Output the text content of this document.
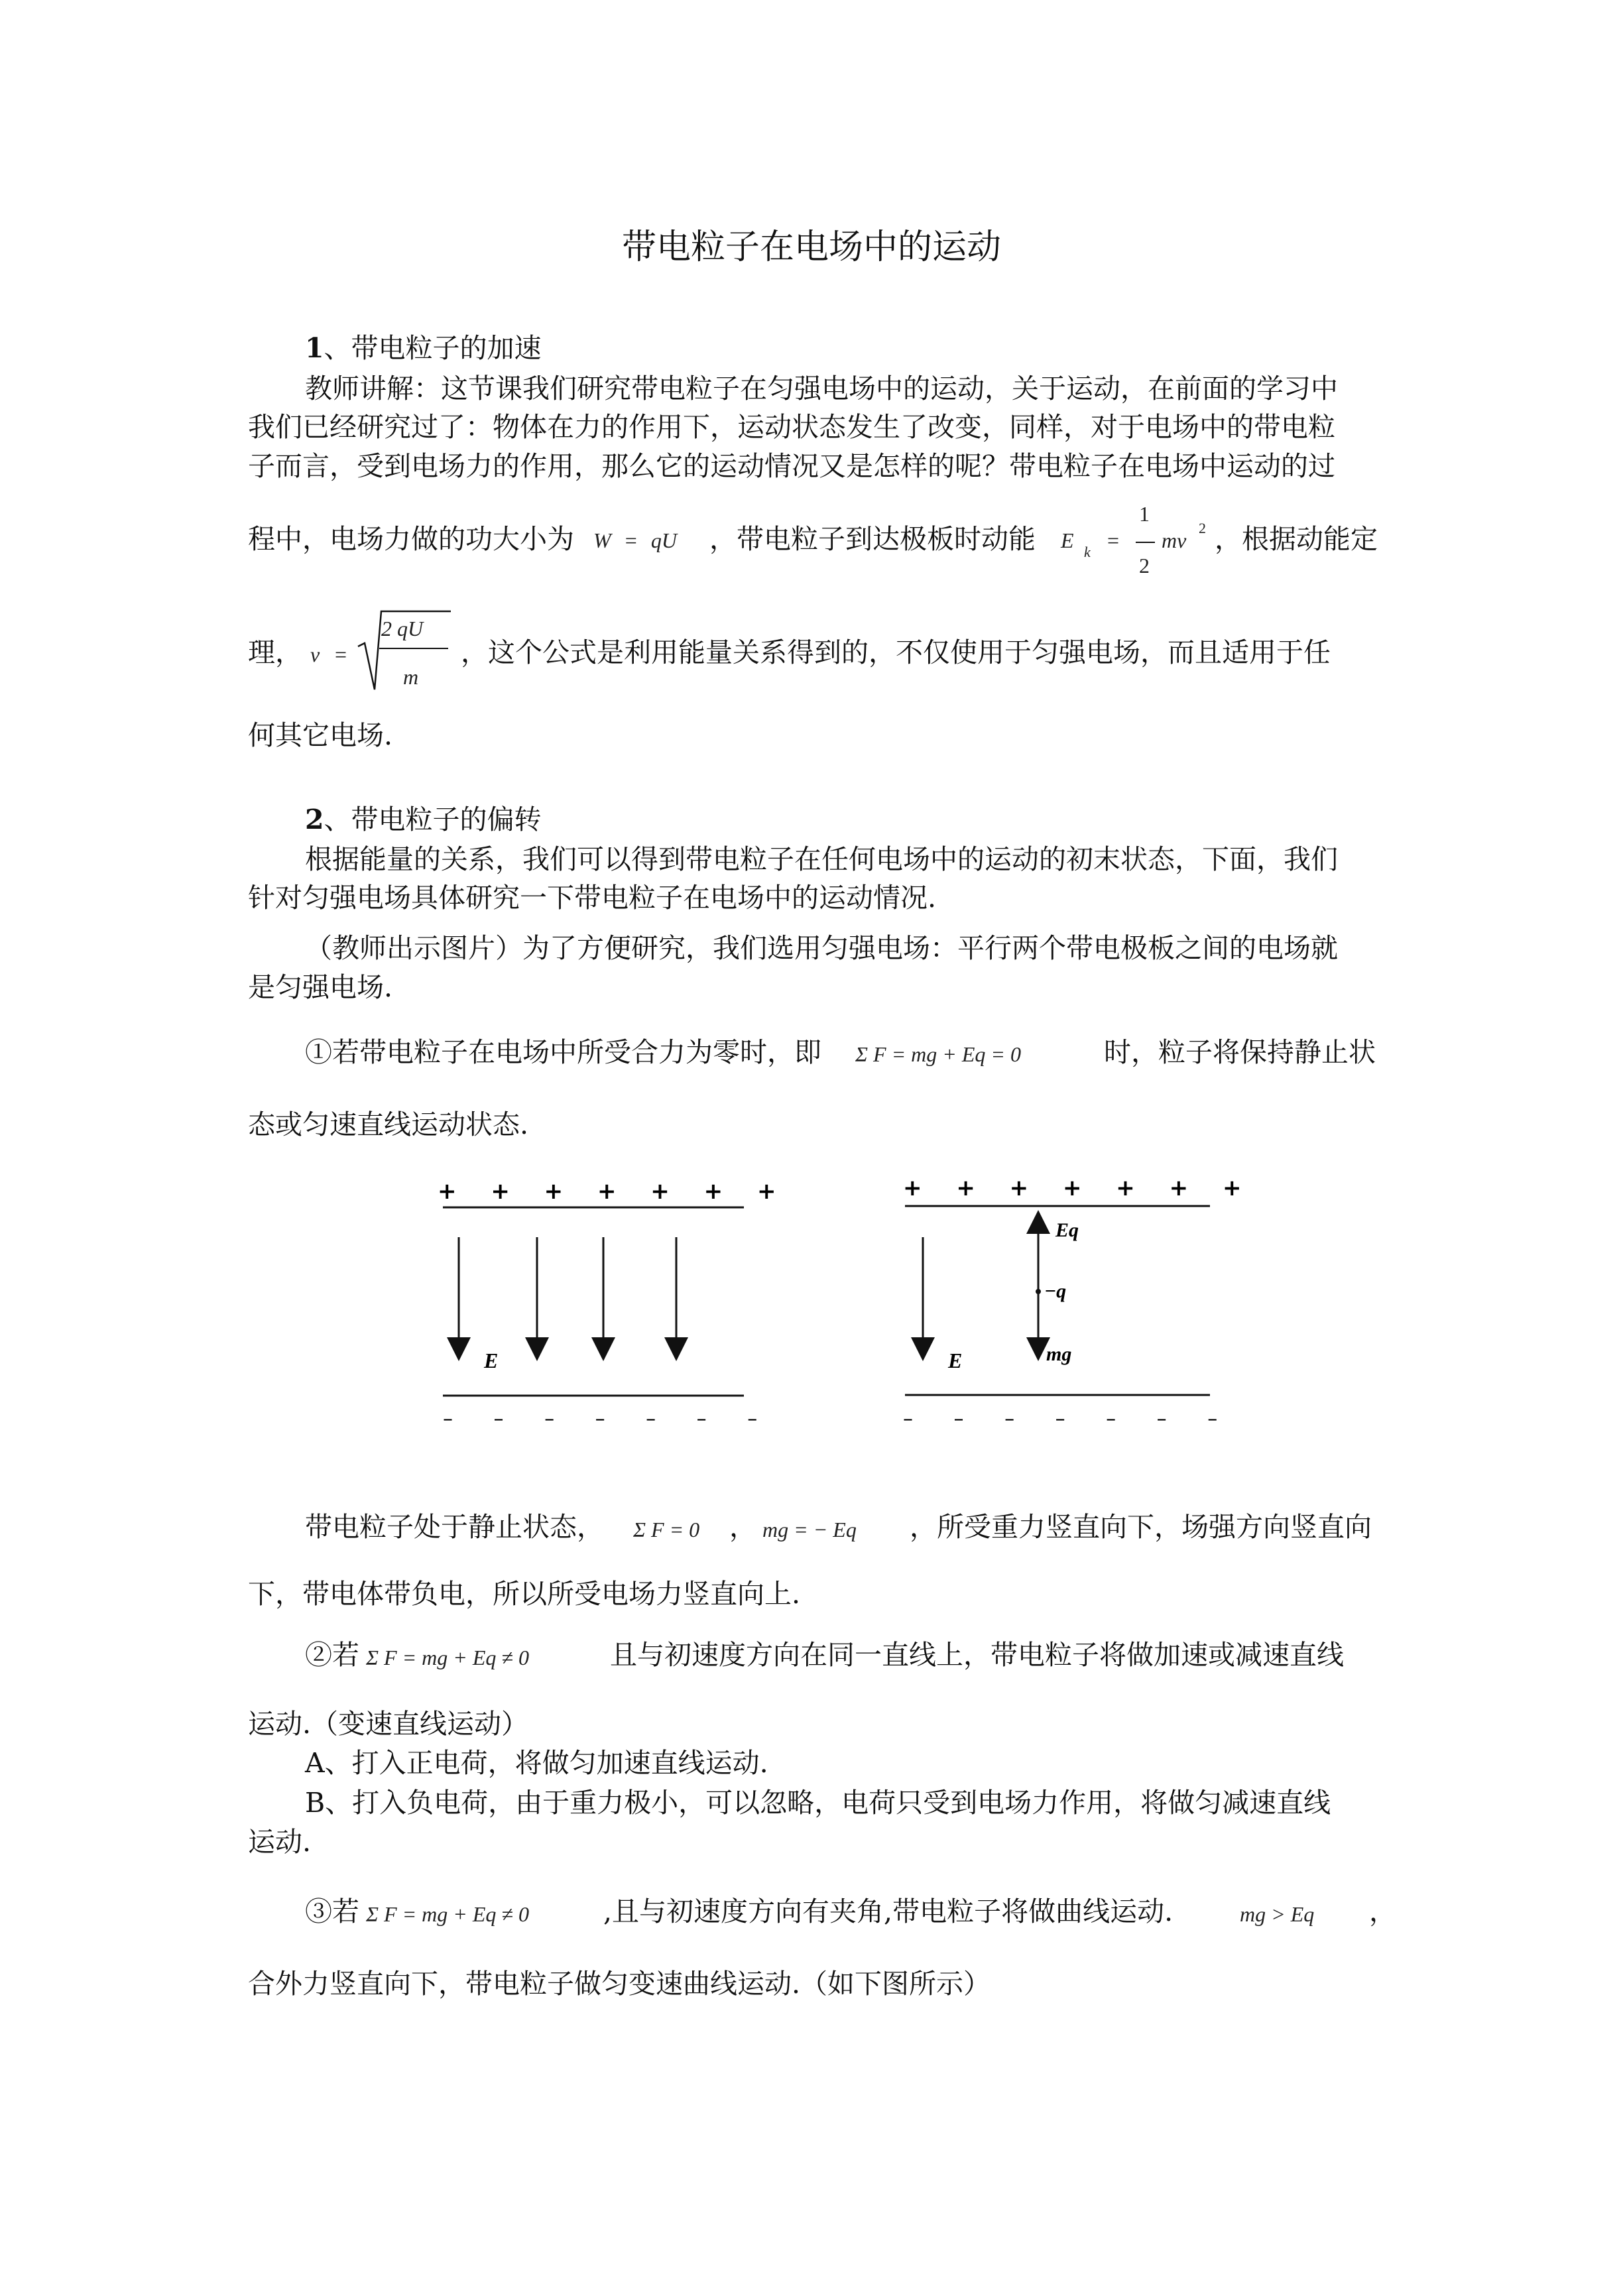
带电粒子在电场中的运动
1、带电粒子的加速
教师讲解：这节课我们研究带电粒子在匀强电场中的运动，关于运动，在前面的学习中
我们已经研究过了：物体在力的作用下，运动状态发生了改变，同样，对于电场中的带电粒
子而言，受到电场力的作用，那么它的运动情况又是怎样的呢？带电粒子在电场中运动的过
程中，电场力做的功大小为 W = qU ，带电粒子到达极板时动能 E k =
1
2
mv
2 ，根据动能定
理， v =
2 qU
m
，这个公式是利用能量关系得到的，不仅使用于匀强电场，而且适用于任
何其它电场.
2、带电粒子的偏转
根据能量的关系，我们可以得到带电粒子在任何电场中的运动的初末状态，下面，我们
针对匀强电场具体研究一下带电粒子在电场中的运动情况.
（教师出示图片）为了方便研究，我们选用匀强电场：平行两个带电极板之间的电场就
是匀强电场.
①若带电粒子在电场中所受合力为零时，即 Σ F = mg + Eq = 0	时，粒子将保持静止状
态或匀速直线运动状态.
+ + + + + + +
E
– – – – – – –
+ + + + + + +
E
Eq
−q
mg
– – – – – – –
带电粒子处于静止状态， Σ F = 0 ， mg = − Eq ，所受重力竖直向下，场强方向竖直向
下，带电体带负电，所以所受电场力竖直向上.
②若 Σ F = mg + Eq ≠ 0	且与初速度方向在同一直线上，带电粒子将做加速或减速直线
运动.（变速直线运动）
A、打入正电荷，将做匀加速直线运动.
B、打入负电荷，由于重力极小，可以忽略，电荷只受到电场力作用，将做匀减速直线
运动.
③若 Σ F = mg + Eq ≠ 0	,且与初速度方向有夹角,带电粒子将做曲线运动.	mg > Eq ，
合外力竖直向下，带电粒子做匀变速曲线运动.（如下图所示）
